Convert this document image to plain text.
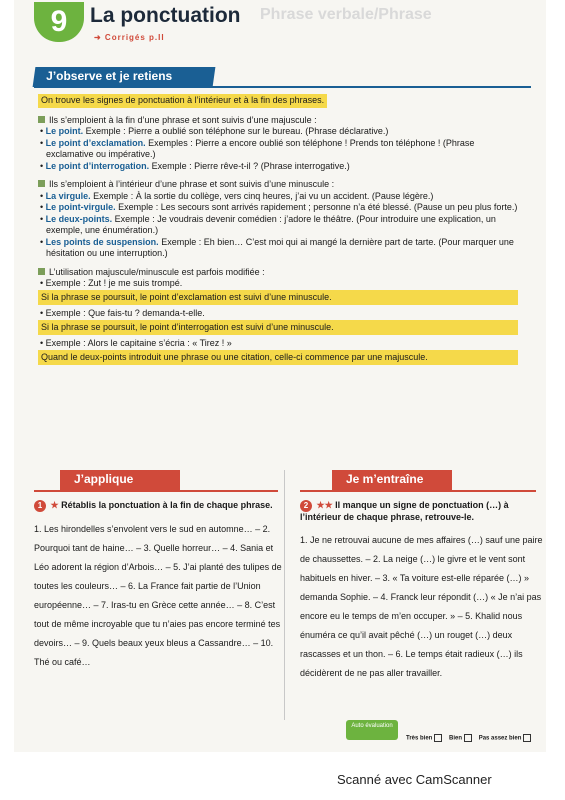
9	La ponctuation
➜ Corrigés p.II
Phrase verbale/Phrase
J’observe et je retiens
On trouve les signes de ponctuation à l’intérieur et à la fin des phrases.
Ils s’emploient à la fin d’une phrase et sont suivis d’une majuscule :
• Le point. Exemple : Pierre a oublié son téléphone sur le bureau. (Phrase déclarative.)
• Le point d’exclamation. Exemples : Pierre a encore oublié son téléphone ! Prends ton téléphone ! (Phrase exclamative ou impérative.)
• Le point d’interrogation. Exemple : Pierre rêve-t-il ? (Phrase interrogative.)
Ils s’emploient à l’intérieur d’une phrase et sont suivis d’une minuscule :
• La virgule. Exemple : À la sortie du collège, vers cinq heures, j’ai vu un accident. (Pause légère.)
• Le point-virgule. Exemple : Les secours sont arrivés rapidement ; personne n’a été blessé. (Pause un peu plus forte.)
• Le deux-points. Exemple : Je voudrais devenir comédien : j’adore le théâtre. (Pour introduire une explication, un exemple, une énumération.)
• Les points de suspension. Exemple : Eh bien… C’est moi qui ai mangé la dernière part de tarte. (Pour marquer une hésitation ou une interruption.)
L’utilisation majuscule/minuscule est parfois modifiée :
• Exemple : Zut ! je me suis trompé.
Si la phrase se poursuit, le point d’exclamation est suivi d’une minuscule.
• Exemple : Que fais-tu ? demanda-t-elle.
Si la phrase se poursuit, le point d’interrogation est suivi d’une minuscule.
• Exemple : Alors le capitaine s’écria : « Tirez ! »
Quand le deux-points introduit une phrase ou une citation, celle-ci commence par une majuscule.
J’applique	Je m’entraîne
1 ★ Rétablis la ponctuation à la fin de chaque phrase.
1. Les hirondelles s’envolent vers le sud en automne… – 2. Pourquoi tant de haine… – 3. Quelle horreur… – 4. Sania et Léo adorent la région d’Arbois… – 5. J’ai planté des tulipes de toutes les couleurs… – 6. La France fait partie de l’Union européenne… – 7. Iras-tu en Grèce cette année… – 8. C’est tout de même incroyable que tu n’aies pas encore terminé tes devoirs… – 9. Quels beaux yeux bleus a Cassandre… – 10. Thé ou café…
2 ★★ Il manque un signe de ponctuation (…) à l’intérieur de chaque phrase, retrouve-le.
1. Je ne retrouvai aucune de mes affaires (…) sauf une paire de chaussettes. – 2. La neige (…) le givre et le vent sont habituels en hiver. – 3. « Ta voiture est-elle réparée (…) » demanda Sophie. – 4. Franck leur répondit (…) « Je n’ai pas encore eu le temps de m’en occuper. » – 5. Khalid nous énuméra ce qu’il avait pêché (…) un rouget (…) deux rascasses et un thon. – 6. Le temps était radieux (…) ils décidèrent de ne pas aller travailler.
Auto évaluation
Très bien	Bien	Pas assez bien
Scanné avec CamScanner
